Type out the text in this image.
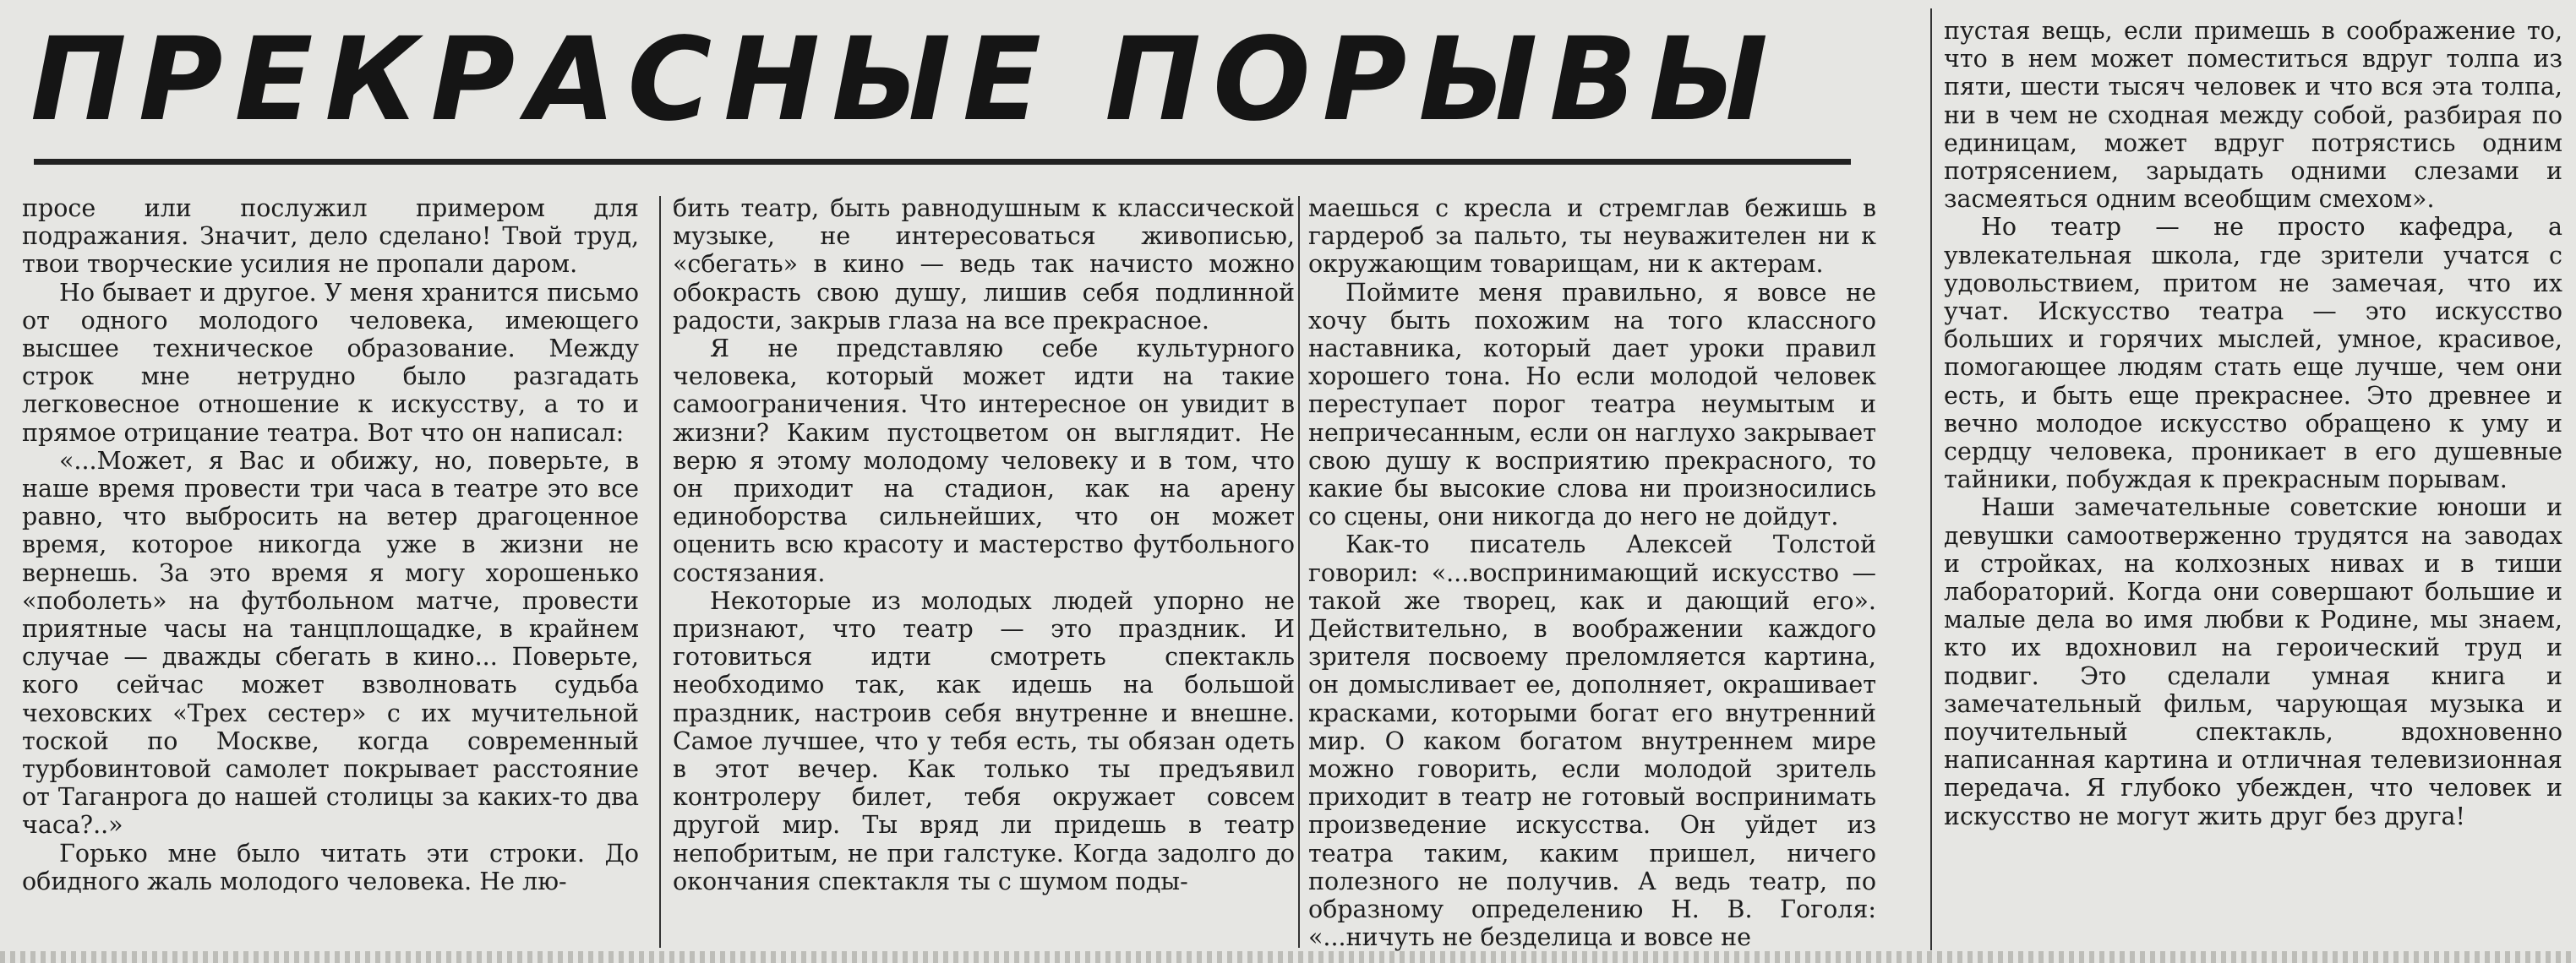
ПРЕКРАСНЫЕ ПОРЫВЫ

просе или послужил примером для подражания. Значит, дело сделано! Твой труд, твои творческие усилия не пропали даром.

Но бывает и другое. У меня хранится письмо от одного молодого человека, имеющего высшее техническое образование. Между строк мне нетрудно было разгадать легковесное отношение к искусству, а то и прямое отрицание театра. Вот что он написал:

«...Может, я Вас и обижу, но, поверьте, в наше время провести три часа в театре это все равно, что выбросить на ветер драгоценное время, которое никогда уже в жизни не вернешь. За это время я могу хорошенько «поболеть» на футбольном матче, провести приятные часы на танцплощадке, в крайнем случае — дважды сбегать в кино... Поверьте, кого сейчас может взволновать судьба чеховских «Трех сестер» с их мучительной тоской по Москве, когда современный турбовинтовой самолет покрывает расстояние от Таганрога до нашей столицы за каких-то два часа?..»

Горько мне было читать эти строки. До обидного жаль молодого человека. Не лю-

бить театр, быть равнодушным к классической музыке, не интересоваться живописью, «сбегать» в кино — ведь так начисто можно обокрасть свою душу, лишив себя подлинной радости, закрыв глаза на все прекрасное.

Я не представляю себе культурного человека, который может идти на такие самоограничения. Что интересное он увидит в жизни? Каким пустоцветом он выглядит. Не верю я этому молодому человеку и в том, что он приходит на стадион, как на арену единоборства сильнейших, что он может оценить всю красоту и мастерство футбольного состязания.

Некоторые из молодых людей упорно не признают, что театр — это праздник. И готовиться идти смотреть спектакль необходимо так, как идешь на большой праздник, настроив себя внутренне и внешне. Самое лучшее, что у тебя есть, ты обязан одеть в этот вечер. Как только ты предъявил контролеру билет, тебя окружает совсем другой мир. Ты вряд ли придешь в театр непобритым, не при галстуке. Когда задолго до окончания спектакля ты с шумом поды-

маешься с кресла и стремглав бежишь в гардероб за пальто, ты неуважителен ни к окружающим товарищам, ни к актерам.

Поймите меня правильно, я вовсе не хочу быть похожим на того классного наставника, который дает уроки правил хорошего тона. Но если молодой человек переступает порог театра неумытым и непричесанным, если он наглухо закрывает свою душу к восприятию прекрасного, то какие бы высокие слова ни произносились со сцены, они никогда до него не дойдут.

Как-то писатель Алексей Толстой говорил: «...воспринимающий искусство — такой же творец, как и дающий его». Действительно, в воображении каждого зрителя посвоему преломляется картина, он домысливает ее, дополняет, окрашивает красками, которыми богат его внутренний мир. О каком богатом внутреннем мире можно говорить, если молодой зритель приходит в театр не готовый воспринимать произведение искусства. Он уйдет из театра таким, каким пришел, ничего полезного не получив. А ведь театр, по образному определению Н. В. Гоголя: «...ничуть не безделица и вовсе не

пустая вещь, если примешь в соображение то, что в нем может поместиться вдруг толпа из пяти, шести тысяч человек и что вся эта толпа, ни в чем не сходная между собой, разбирая по единицам, может вдруг потрястись одним потрясением, зарыдать одними слезами и засмеяться одним всеобщим смехом».

Но театр — не просто кафедра, а увлекательная школа, где зрители учатся с удовольствием, притом не замечая, что их учат. Искусство театра — это искусство больших и горячих мыслей, умное, красивое, помогающее людям стать еще лучше, чем они есть, и быть еще прекраснее. Это древнее и вечно молодое искусство обращено к уму и сердцу человека, проникает в его душевные тайники, побуждая к прекрасным порывам.

Наши замечательные советские юноши и девушки самоотверженно трудятся на заводах и стройках, на колхозных нивах и в тиши лабораторий. Когда они совершают большие и малые дела во имя любви к Родине, мы знаем, кто их вдохновил на героический труд и подвиг. Это сделали умная книга и замечательный фильм, чарующая музыка и поучительный спектакль, вдохновенно написанная картина и отличная телевизионная передача. Я глубоко убежден, что человек и искусство не могут жить друг без друга!
